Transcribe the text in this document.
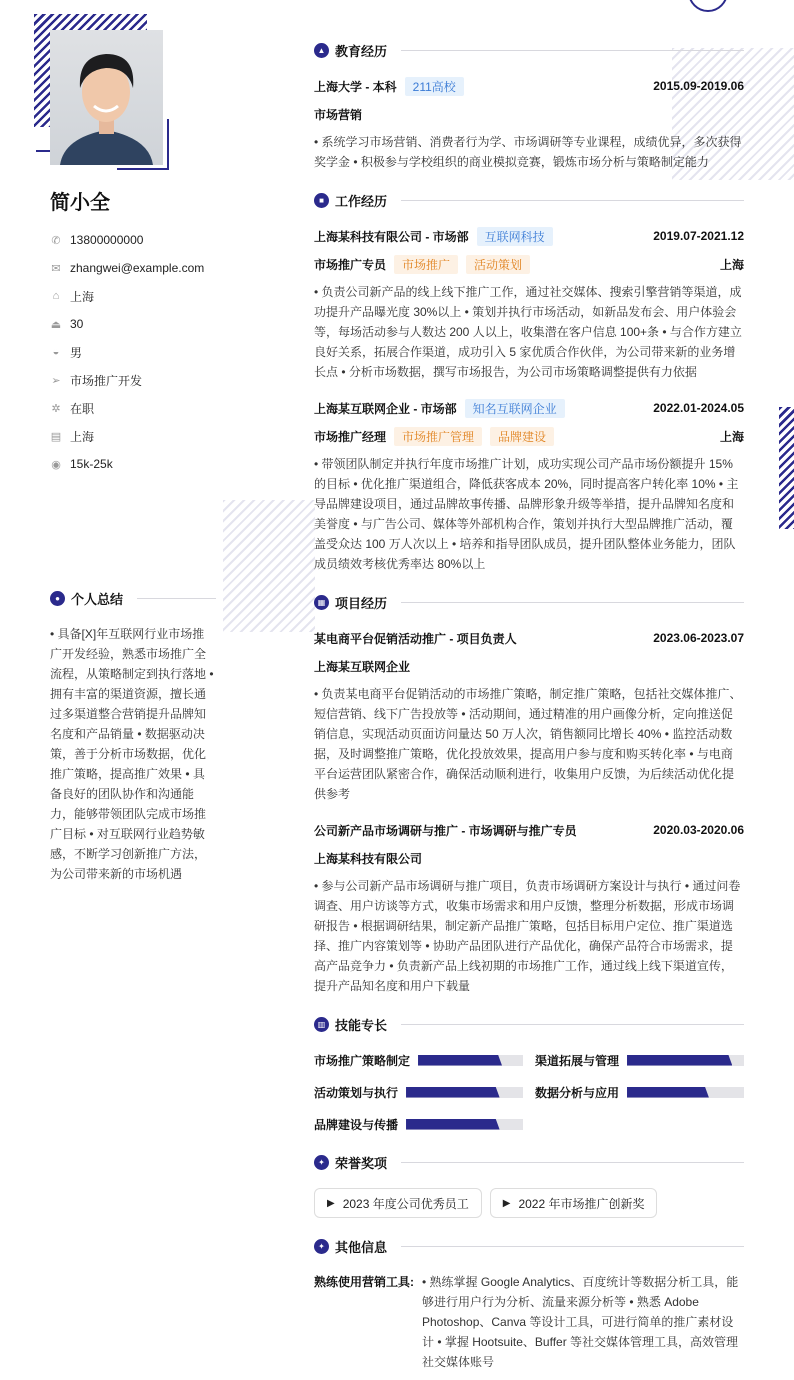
简小全
✆ 13800000000
✉ zhangwei@example.com
⌂ 上海
⏏ 30
◒ 男
➢ 市场推广开发
✲ 在职
▤ 上海
◉ 15k-25k
● 个人总结

• 具备[X]年互联网行业市场推广开发经验，熟悉市场推广全流程，从策略制定到执行落地 • 拥有丰富的渠道资源，擅长通过多渠道整合营销提升品牌知名度和产品销量 • 数据驱动决策，善于分析市场数据，优化推广策略，提高推广效果 • 具备良好的团队协作和沟通能力，能够带领团队完成市场推广目标 • 对互联网行业趋势敏感，不断学习创新推广方法，为公司带来新的市场机遇

▲ 教育经历
上海大学 - 本科	211高校	2015.09-2019.06
市场营销
• 系统学习市场营销、消费者行为学、市场调研等专业课程，成绩优异，多次获得奖学金 • 积极参与学校组织的商业模拟竞赛，锻炼市场分析与策略制定能力
■ 工作经历
上海某科技有限公司 - 市场部	互联网科技	2019.07-2021.12
市场推广专员	市场推广	活动策划	上海
• 负责公司新产品的线上线下推广工作，通过社交媒体、搜索引擎营销等渠道，成功提升产品曝光度 30%以上 • 策划并执行市场活动，如新品发布会、用户体验会等，每场活动参与人数达 200 人以上，收集潜在客户信息 100+条 • 与合作方建立良好关系，拓展合作渠道，成功引入 5 家优质合作伙伴，为公司带来新的业务增长点 • 分析市场数据，撰写市场报告，为公司市场策略调整提供有力依据
上海某互联网企业 - 市场部	知名互联网企业	2022.01-2024.05
市场推广经理	市场推广管理	品牌建设	上海
• 带领团队制定并执行年度市场推广计划，成功实现公司产品市场份额提升 15%的目标 • 优化推广渠道组合，降低获客成本 20%，同时提高客户转化率 10% • 主导品牌建设项目，通过品牌故事传播、品牌形象升级等举措，提升品牌知名度和美誉度 • 与广告公司、媒体等外部机构合作，策划并执行大型品牌推广活动，覆盖受众达 100 万人次以上 • 培养和指导团队成员，提升团队整体业务能力，团队成员绩效考核优秀率达 80%以上
▦ 项目经历
某电商平台促销活动推广 - 项目负责人	2023.06-2023.07
上海某互联网企业
• 负责某电商平台促销活动的市场推广策略，制定推广策略，包括社交媒体推广、短信营销、线下广告投放等 • 活动期间，通过精准的用户画像分析，定向推送促销信息，实现活动页面访问量达 50 万人次，销售额同比增长 40% • 监控活动数据，及时调整推广策略，优化投放效果，提高用户参与度和购买转化率 • 与电商平台运营团队紧密合作，确保活动顺利进行，收集用户反馈，为后续活动优化提供参考
公司新产品市场调研与推广 - 市场调研与推广专员	2020.03-2020.06
上海某科技有限公司
• 参与公司新产品市场调研与推广项目，负责市场调研方案设计与执行 • 通过问卷调查、用户访谈等方式，收集市场需求和用户反馈，整理分析数据，形成市场调研报告 • 根据调研结果，制定新产品推广策略，包括目标用户定位、推广渠道选择、推广内容策划等 • 协助产品团队进行产品优化，确保产品符合市场需求，提高产品竞争力 • 负责新产品上线初期的市场推广工作，通过线上线下渠道宣传，提升产品知名度和用户下载量
▥ 技能专长
市场推广策略制定	渠道拓展与管理
活动策划与执行	数据分析与应用
品牌建设与传播
✦ 荣誉奖项
▶ 2023 年度公司优秀员工	▶ 2022 年市场推广创新奖
✦ 其他信息
熟练使用营销工具: • 熟练掌握 Google Analytics、百度统计等数据分析工具，能够进行用户行为分析、流量来源分析等 • 熟悉 Adobe Photoshop、Canva 等设计工具，可进行简单的推广素材设计 • 掌握 Hootsuite、Buffer 等社交媒体管理工具，高效管理社交媒体账号
